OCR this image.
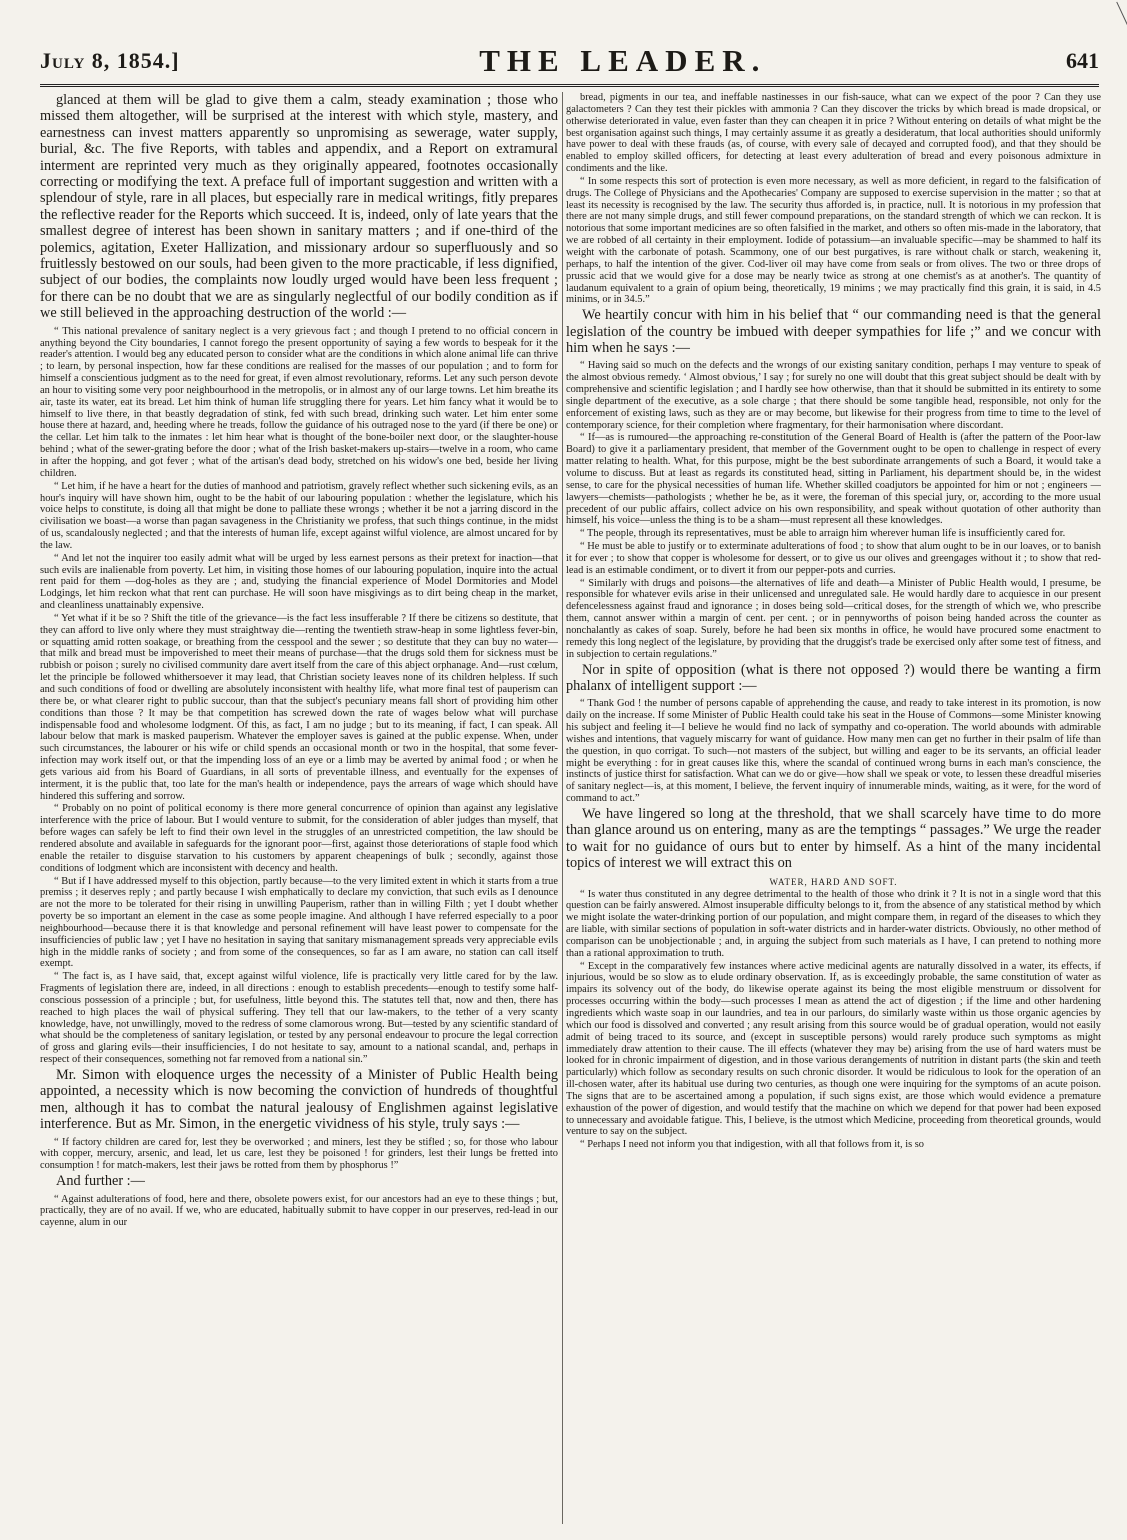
July 8, 1854.]	THE LEADER.	641

glanced at them will be glad to give them a calm, steady examination ; those who missed them altogether, will be surprised at the interest with which style, mastery, and earnestness can invest matters apparently so unpromising as sewerage, water supply, burial, &c. The five Reports, with tables and appendix, and a Report on extramural interment are reprinted very much as they originally appeared, footnotes occasionally correcting or modifying the text. A preface full of important suggestion and written with a splendour of style, rare in all places, but especially rare in medical writings, fitly prepares the reflective reader for the Reports which succeed. It is, indeed, only of late years that the smallest degree of interest has been shown in sanitary matters ; and if one-third of the polemics, agitation, Exeter Hallization, and missionary ardour so superfluously and so fruitlessly bestowed on our souls, had been given to the more practicable, if less dignified, subject of our bodies, the complaints now loudly urged would have been less frequent ; for there can be no doubt that we are as singularly neglectful of our bodily condition as if we still believed in the approaching destruction of the world :—

“ This national prevalence of sanitary neglect is a very grievous fact ; and though I pretend to no official concern in anything beyond the City boundaries, I cannot forego the present opportunity of saying a few words to bespeak for it the reader's attention. I would beg any educated person to consider what are the conditions in which alone animal life can thrive ; to learn, by personal inspection, how far these conditions are realised for the masses of our population ; and to form for himself a conscientious judgment as to the need for great, if even almost revolutionary, reforms. Let any such person devote an hour to visiting some very poor neighbourhood in the metropolis, or in almost any of our large towns. Let him breathe its air, taste its water, eat its bread. Let him think of human life struggling there for years. Let him fancy what it would be to himself to live there, in that beastly degradation of stink, fed with such bread, drinking such water. Let him enter some house there at hazard, and, heeding where he treads, follow the guidance of his outraged nose to the yard (if there be one) or the cellar. Let him talk to the inmates : let him hear what is thought of the bone-boiler next door, or the slaughter-house behind ; what of the sewer-grating before the door ; what of the Irish basket-makers up-stairs—twelve in a room, who came in after the hopping, and got fever ; what of the artisan's dead body, stretched on his widow's one bed, beside her living children.

“ Let him, if he have a heart for the duties of manhood and patriotism, gravely reflect whether such sickening evils, as an hour's inquiry will have shown him, ought to be the habit of our labouring population : whether the legislature, which his voice helps to constitute, is doing all that might be done to palliate these wrongs ; whether it be not a jarring discord in the civilisation we boast—a worse than pagan savageness in the Christianity we profess, that such things continue, in the midst of us, scandalously neglected ; and that the interests of human life, except against wilful violence, are almost uncared for by the law.

“ And let not the inquirer too easily admit what will be urged by less earnest persons as their pretext for inaction—that such evils are inalienable from poverty. Let him, in visiting those homes of our labouring population, inquire into the actual rent paid for them —dog-holes as they are ; and, studying the financial experience of Model Dormitories and Model Lodgings, let him reckon what that rent can purchase. He will soon have misgivings as to dirt being cheap in the market, and cleanliness unattainably expensive.

“ Yet what if it be so ? Shift the title of the grievance—is the fact less insufferable ? If there be citizens so destitute, that they can afford to live only where they must straightway die—renting the twentieth straw-heap in some lightless fever-bin, or squatting amid rotten soakage, or breathing from the cesspool and the sewer ; so destitute that they can buy no water—that milk and bread must be impoverished to meet their means of purchase—that the drugs sold them for sickness must be rubbish or poison ; surely no civilised community dare avert itself from the care of this abject orphanage. And—rust cœlum, let the principle be followed whithersoever it may lead, that Christian society leaves none of its children helpless. If such and such conditions of food or dwelling are absolutely inconsistent with healthy life, what more final test of pauperism can there be, or what clearer right to public succour, than that the subject's pecuniary means fall short of providing him other conditions than those ? It may be that competition has screwed down the rate of wages below what will purchase indispensable food and wholesome lodgment. Of this, as fact, I am no judge ; but to its meaning, if fact, I can speak. All labour below that mark is masked pauperism. Whatever the employer saves is gained at the public expense. When, under such circumstances, the labourer or his wife or child spends an occasional month or two in the hospital, that some fever-infection may work itself out, or that the impending loss of an eye or a limb may be averted by animal food ; or when he gets various aid from his Board of Guardians, in all sorts of preventable illness, and eventually for the expenses of interment, it is the public that, too late for the man's health or independence, pays the arrears of wage which should have hindered this suffering and sorrow.

“ Probably on no point of political economy is there more general concurrence of opinion than against any legislative interference with the price of labour. But I would venture to submit, for the consideration of abler judges than myself, that before wages can safely be left to find their own level in the struggles of an unrestricted competition, the law should be rendered absolute and available in safeguards for the ignorant poor—first, against those deteriorations of staple food which enable the retailer to disguise starvation to his customers by apparent cheapenings of bulk ; secondly, against those conditions of lodgment which are inconsistent with decency and health.

“ But if I have addressed myself to this objection, partly because—to the very limited extent in which it starts from a true premiss ; it deserves reply ; and partly because I wish emphatically to declare my conviction, that such evils as I denounce are not the more to be tolerated for their rising in unwilling Pauperism, rather than in willing Filth ; yet I doubt whether poverty be so important an element in the case as some people imagine. And although I have referred especially to a poor neighbourhood—because there it is that knowledge and personal refinement will have least power to compensate for the insufficiencies of public law ; yet I have no hesitation in saying that sanitary mismanagement spreads very appreciable evils high in the middle ranks of society ; and from some of the consequences, so far as I am aware, no station can call itself exempt.

“ The fact is, as I have said, that, except against wilful violence, life is practically very little cared for by the law. Fragments of legislation there are, indeed, in all directions : enough to establish precedents—enough to testify some half-conscious possession of a principle ; but, for usefulness, little beyond this. The statutes tell that, now and then, there has reached to high places the wail of physical suffering. They tell that our law-makers, to the tether of a very scanty knowledge, have, not unwillingly, moved to the redress of some clamorous wrong. But—tested by any scientific standard of what should be the completeness of sanitary legislation, or tested by any personal endeavour to procure the legal correction of gross and glaring evils—their insufficiencies, I do not hesitate to say, amount to a national scandal, and, perhaps in respect of their consequences, something not far removed from a national sin.”

Mr. Simon with eloquence urges the necessity of a Minister of Public Health being appointed, a necessity which is now becoming the conviction of hundreds of thoughtful men, although it has to combat the natural jealousy of Englishmen against legislative interference. But as Mr. Simon, in the energetic vividness of his style, truly says :—

“ If factory children are cared for, lest they be overworked ; and miners, lest they be stifled ; so, for those who labour with copper, mercury, arsenic, and lead, let us care, lest they be poisoned ! for grinders, lest their lungs be fretted into consumption ! for match-makers, lest their jaws be rotted from them by phosphorus !”

And further :—

“ Against adulterations of food, here and there, obsolete powers exist, for our ancestors had an eye to these things ; but, practically, they are of no avail. If we, who are educated, habitually submit to have copper in our preserves, red-lead in our cayenne, alum in our

bread, pigments in our tea, and ineffable nastinesses in our fish-sauce, what can we expect of the poor ? Can they use galactometers ? Can they test their pickles with ammonia ? Can they discover the tricks by which bread is made dropsical, or otherwise deteriorated in value, even faster than they can cheapen it in price ? Without entering on details of what might be the best organisation against such things, I may certainly assume it as greatly a desideratum, that local authorities should uniformly have power to deal with these frauds (as, of course, with every sale of decayed and corrupted food), and that they should be enabled to employ skilled officers, for detecting at least every adulteration of bread and every poisonous admixture in condiments and the like.

“ In some respects this sort of protection is even more necessary, as well as more deficient, in regard to the falsification of drugs. The College of Physicians and the Apothecaries' Company are supposed to exercise supervision in the matter ; so that at least its necessity is recognised by the law. The security thus afforded is, in practice, null. It is notorious in my profession that there are not many simple drugs, and still fewer compound preparations, on the standard strength of which we can reckon. It is notorious that some important medicines are so often falsified in the market, and others so often mis-made in the laboratory, that we are robbed of all certainty in their employment. Iodide of potassium—an invaluable specific—may be shammed to half its weight with the carbonate of potash. Scammony, one of our best purgatives, is rare without chalk or starch, weakening it, perhaps, to half the intention of the giver. Cod-liver oil may have come from seals or from olives. The two or three drops of prussic acid that we would give for a dose may be nearly twice as strong at one chemist's as at another's. The quantity of laudanum equivalent to a grain of opium being, theoretically, 19 minims ; we may practically find this grain, it is said, in 4.5 minims, or in 34.5.”

We heartily concur with him in his belief that “ our commanding need is that the general legislation of the country be imbued with deeper sympathies for life ;” and we concur with him when he says :—

“ Having said so much on the defects and the wrongs of our existing sanitary condition, perhaps I may venture to speak of the almost obvious remedy. ‘ Almost obvious,’ I say ; for surely no one will doubt that this great subject should be dealt with by comprehensive and scientific legislation ; and I hardly see how otherwise, than that it should be submitted in its entirety to some single department of the executive, as a sole charge ; that there should be some tangible head, responsible, not only for the enforcement of existing laws, such as they are or may become, but likewise for their progress from time to time to the level of contemporary science, for their completion where fragmentary, for their harmonisation where discordant.

“ If—as is rumoured—the approaching re-constitution of the General Board of Health is (after the pattern of the Poor-law Board) to give it a parliamentary president, that member of the Government ought to be open to challenge in respect of every matter relating to health. What, for this purpose, might be the best subordinate arrangements of such a Board, it would take a volume to discuss. But at least as regards its constituted head, sitting in Parliament, his department should be, in the widest sense, to care for the physical necessities of human life. Whether skilled coadjutors be appointed for him or not ; engineers —lawyers—chemists—pathologists ; whether he be, as it were, the foreman of this special jury, or, according to the more usual precedent of our public affairs, collect advice on his own responsibility, and speak without quotation of other authority than himself, his voice—unless the thing is to be a sham—must represent all these knowledges.

“ The people, through its representatives, must be able to arraign him wherever human life is insufficiently cared for.

“ He must be able to justify or to exterminate adulterations of food ; to show that alum ought to be in our loaves, or to banish it for ever ; to show that copper is wholesome for dessert, or to give us our olives and greengages without it ; to show that red-lead is an estimable condiment, or to divert it from our pepper-pots and curries.

“ Similarly with drugs and poisons—the alternatives of life and death—a Minister of Public Health would, I presume, be responsible for whatever evils arise in their unlicensed and unregulated sale. He would hardly dare to acquiesce in our present defencelessness against fraud and ignorance ; in doses being sold—critical doses, for the strength of which we, who prescribe them, cannot answer within a margin of cent. per cent. ; or in pennyworths of poison being handed across the counter as nonchalantly as cakes of soap. Surely, before he had been six months in office, he would have procured some enactment to remedy this long neglect of the legislature, by providing that the druggist's trade be exercised only after some test of fitness, and in subjection to certain regulations.”

Nor in spite of opposition (what is there not opposed ?) would there be wanting a firm phalanx of intelligent support :—

“ Thank God ! the number of persons capable of apprehending the cause, and ready to take interest in its promotion, is now daily on the increase. If some Minister of Public Health could take his seat in the House of Commons—some Minister knowing his subject and feeling it—I believe he would find no lack of sympathy and co-operation. The world abounds with admirable wishes and intentions, that vaguely miscarry for want of guidance. How many men can get no further in their psalm of life than the question, in quo corrigat. To such—not masters of the subject, but willing and eager to be its servants, an official leader might be everything : for in great causes like this, where the scandal of continued wrong burns in each man's conscience, the instincts of justice thirst for satisfaction. What can we do or give—how shall we speak or vote, to lessen these dreadful miseries of sanitary neglect—is, at this moment, I believe, the fervent inquiry of innumerable minds, waiting, as it were, for the word of command to act.”

We have lingered so long at the threshold, that we shall scarcely have time to do more than glance around us on entering, many as are the temptings “ passages.” We urge the reader to wait for no guidance of ours but to enter by himself. As a hint of the many incidental topics of interest we will extract this on

WATER, HARD AND SOFT.

“ Is water thus constituted in any degree detrimental to the health of those who drink it ? It is not in a single word that this question can be fairly answered. Almost insuperable difficulty belongs to it, from the absence of any statistical method by which we might isolate the water-drinking portion of our population, and might compare them, in regard of the diseases to which they are liable, with similar sections of population in soft-water districts and in harder-water districts. Obviously, no other method of comparison can be unobjectionable ; and, in arguing the subject from such materials as I have, I can pretend to nothing more than a rational approximation to truth.

“ Except in the comparatively few instances where active medicinal agents are naturally dissolved in a water, its effects, if injurious, would be so slow as to elude ordinary observation. If, as is exceedingly probable, the same constitution of water as impairs its solvency out of the body, do likewise operate against its being the most eligible menstruum or dissolvent for processes occurring within the body—such processes I mean as attend the act of digestion ; if the lime and other hardening ingredients which waste soap in our laundries, and tea in our parlours, do similarly waste within us those organic agencies by which our food is dissolved and converted ; any result arising from this source would be of gradual operation, would not easily admit of being traced to its source, and (except in susceptible persons) would rarely produce such symptoms as might immediately draw attention to their cause. The ill effects (whatever they may be) arising from the use of hard waters must be looked for in chronic impairment of digestion, and in those various derangements of nutrition in distant parts (the skin and teeth particularly) which follow as secondary results on such chronic disorder. It would be ridiculous to look for the operation of an ill-chosen water, after its habitual use during two centuries, as though one were inquiring for the symptoms of an acute poison. The signs that are to be ascertained among a population, if such signs exist, are those which would evidence a premature exhaustion of the power of digestion, and would testify that the machine on which we depend for that power had been exposed to unnecessary and avoidable fatigue. This, I believe, is the utmost which Medicine, proceeding from theoretical grounds, would venture to say on the subject.

“ Perhaps I need not inform you that indigestion, with all that follows from it, is so
